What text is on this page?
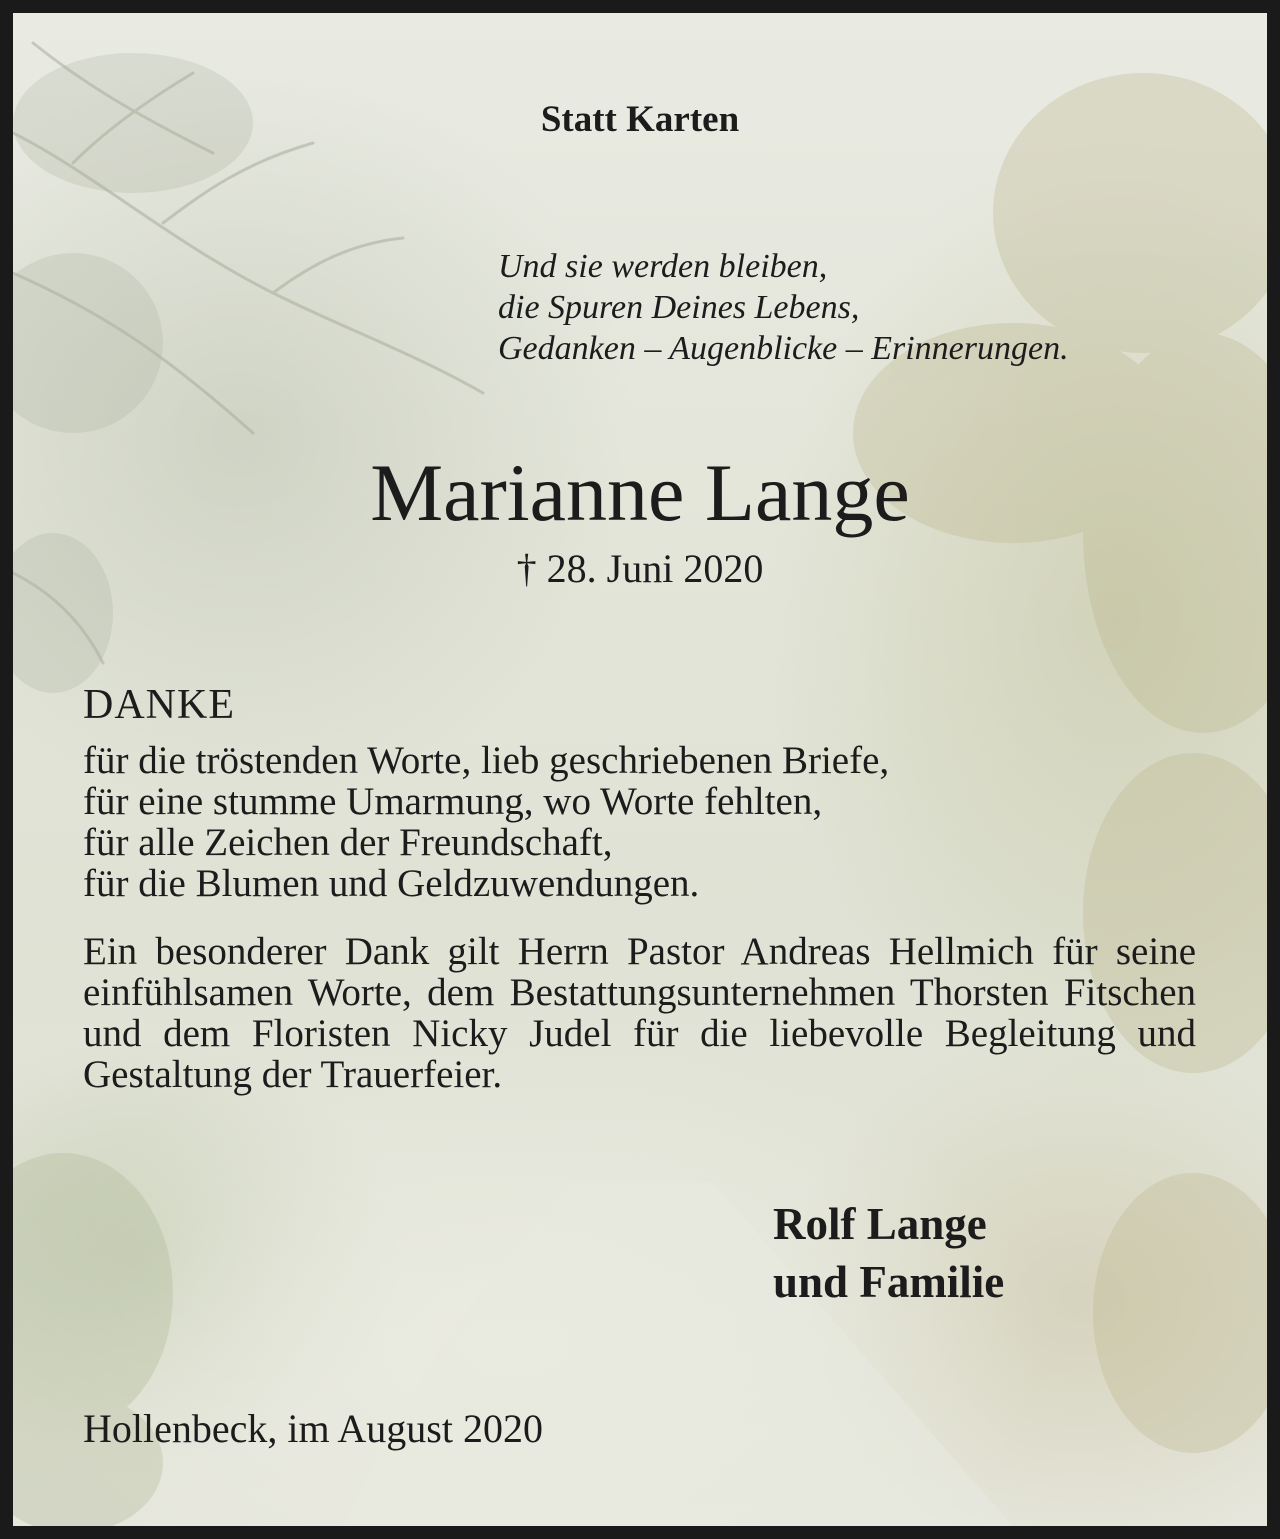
Statt Karten

Und sie werden bleiben,
die Spuren Deines Lebens,
Gedanken – Augenblicke – Erinnerungen.

Marianne Lange

† 28. Juni 2020

DANKE

für die tröstenden Worte, lieb geschriebenen Briefe,
für eine stumme Umarmung, wo Worte fehlten,
für alle Zeichen der Freundschaft,
für die Blumen und Geldzuwendungen.

Ein besonderer Dank gilt Herrn Pastor Andreas Hellmich für seine einfühlsamen Worte, dem Bestattungsunternehmen Thorsten Fitschen und dem Floristen Nicky Judel für die liebevolle Begleitung und Gestaltung der Trauerfeier.

Rolf Lange
und Familie

Hollenbeck, im August 2020
